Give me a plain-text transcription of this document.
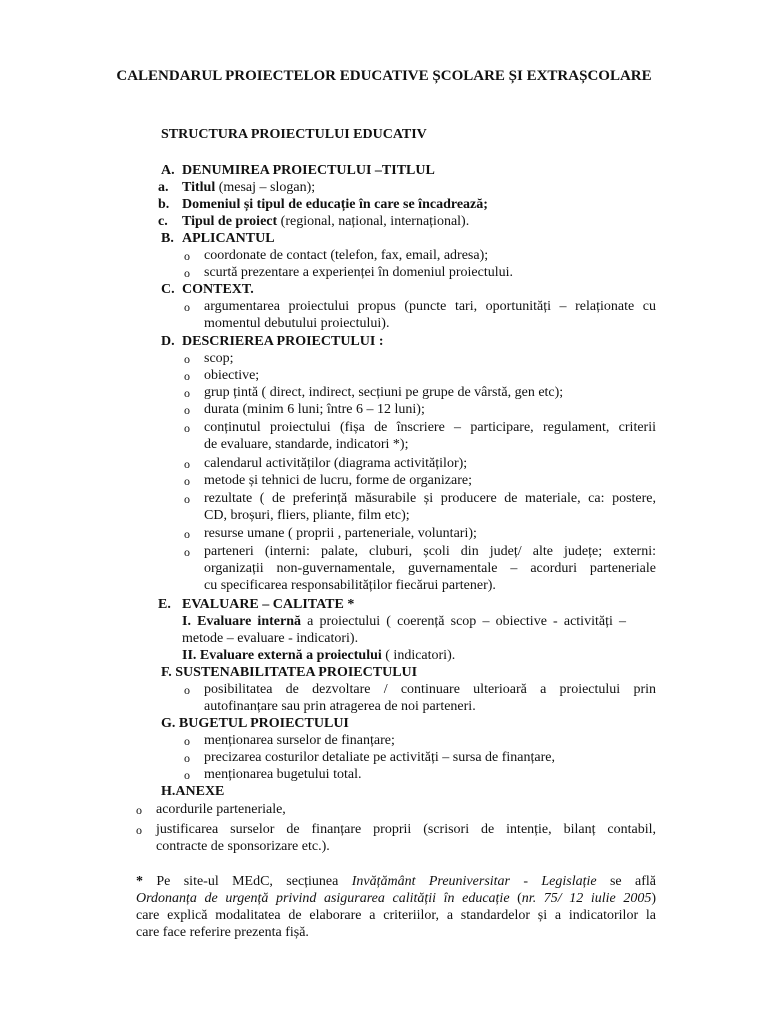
CALENDARUL PROIECTELOR EDUCATIVE ȘCOLARE ȘI EXTRAȘCOLARE
STRUCTURA PROIECTULUI EDUCATIV
A. DENUMIREA PROIECTULUI –TITLUL
a. Titlul (mesaj – slogan);
b. Domeniul și tipul de educație în care se încadrează;
c. Tipul de proiect (regional, național, internațional).
B. APLICANTUL
o coordonate de contact (telefon, fax, email, adresa);
o scurtă prezentare a experienței în domeniul proiectului.
C. CONTEXT.
o argumentarea proiectului propus (puncte tari, oportunități – relaționate cu
momentul debutului proiectului).
D. DESCRIEREA PROIECTULUI :
o scop;
o obiective;
o grup țintă ( direct, indirect, secțiuni pe grupe de vârstă, gen etc);
o durata (minim 6 luni; între 6 – 12 luni);
o conținutul proiectului (fișa de înscriere – participare, regulament, criterii
de evaluare, standarde, indicatori *);
o calendarul activităților (diagrama activităților);
o metode și tehnici de lucru, forme de organizare;
o rezultate ( de preferință măsurabile și producere de materiale, ca: postere,
CD, broșuri, fliers, pliante, film etc);
o resurse umane ( proprii , parteneriale, voluntari);
o parteneri (interni: palate, cluburi, școli din județ/ alte județe; externi:
organizații non-guvernamentale, guvernamentale – acorduri parteneriale
cu specificarea responsabilităților fiecărui partener).
E. EVALUARE – CALITATE *
I. Evaluare internă a proiectului ( coerență scop – obiective - activități –
metode – evaluare - indicatori).
II. Evaluare externă a proiectului ( indicatori).
F. SUSTENABILITATEA PROIECTULUI
o posibilitatea de dezvoltare / continuare ulterioară a proiectului prin
autofinanțare sau prin atragerea de noi parteneri.
G. BUGETUL PROIECTULUI
o menționarea surselor de finanțare;
o precizarea costurilor detaliate pe activități – sursa de finanțare,
o menționarea bugetului total.
H.ANEXE
o acordurile parteneriale,
o justificarea surselor de finanțare proprii (scrisori de intenție, bilanț contabil,
contracte de sponsorizare etc.).
* Pe site-ul MEdC, secțiunea Invățământ Preuniversitar - Legislație se află
Ordonanța de urgență privind asigurarea calității în educație (nr. 75/ 12 iulie 2005)
care explică modalitatea de elaborare a criteriilor, a standardelor și a indicatorilor la
care face referire prezenta fișă.
